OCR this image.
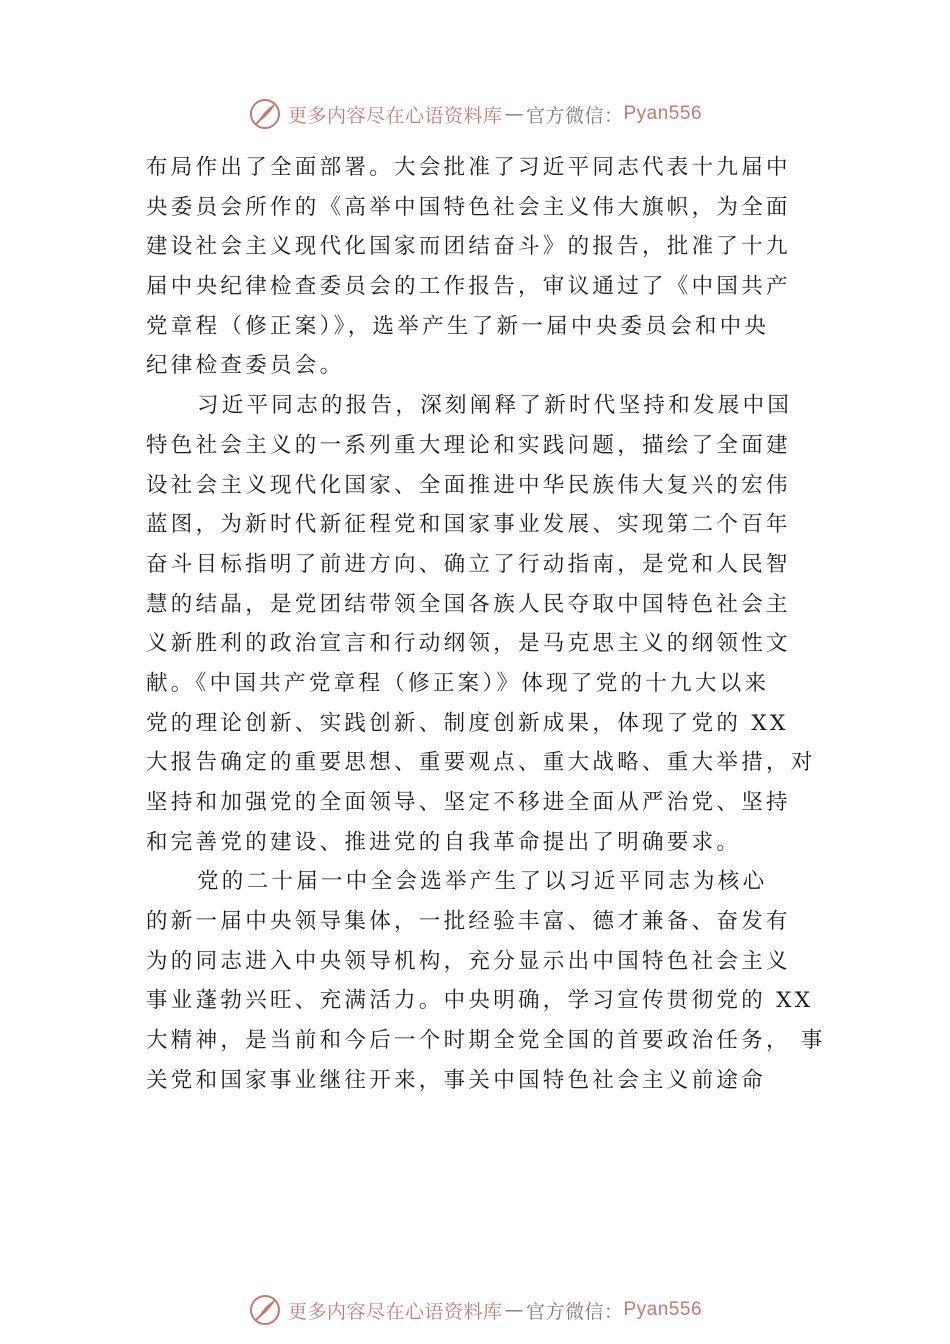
更多内容尽在心语资料库 — 官方微信： Pyan556
布局作出了全面部署。大会批准了习近平同志代表十九届中
央委员会所作的《高举中国特色社会主义伟大旗帜，为全面
建设社会主义现代化国家而团结奋斗》的报告，批准了十九
届中央纪律检查委员会的工作报告，审议通过了《中国共产
党章程（修正案）》，选举产生了新一届中央委员会和中央
纪律检查委员会。
习近平同志的报告，深刻阐释了新时代坚持和发展中国
特色社会主义的一系列重大理论和实践问题，描绘了全面建
设社会主义现代化国家、全面推进中华民族伟大复兴的宏伟
蓝图，为新时代新征程党和国家事业发展、实现第二个百年
奋斗目标指明了前进方向、确立了行动指南，是党和人民智
慧的结晶，是党团结带领全国各族人民夺取中国特色社会主
义新胜利的政治宣言和行动纲领，是马克思主义的纲领性文
献。《中国共产党章程（修正案）》体现了党的十九大以来
党的理论创新、实践创新、制度创新成果，体现了党的 XX
大报告确定的重要思想、重要观点、重大战略、重大举措，对
坚持和加强党的全面领导、坚定不移进全面从严治党、坚持
和完善党的建设、推进党的自我革命提出了明确要求。
党的二十届一中全会选举产生了以习近平同志为核心
的新一届中央领导集体，一批经验丰富、德才兼备、奋发有
为的同志进入中央领导机构，充分显示出中国特色社会主义
事业蓬勃兴旺、充满活力。中央明确，学习宣传贯彻党的 XX
大精神，是当前和今后一个时期全党全国的首要政治任务， 事
关党和国家事业继往开来，事关中国特色社会主义前途命
更多内容尽在心语资料库 — 官方微信： Pyan556
